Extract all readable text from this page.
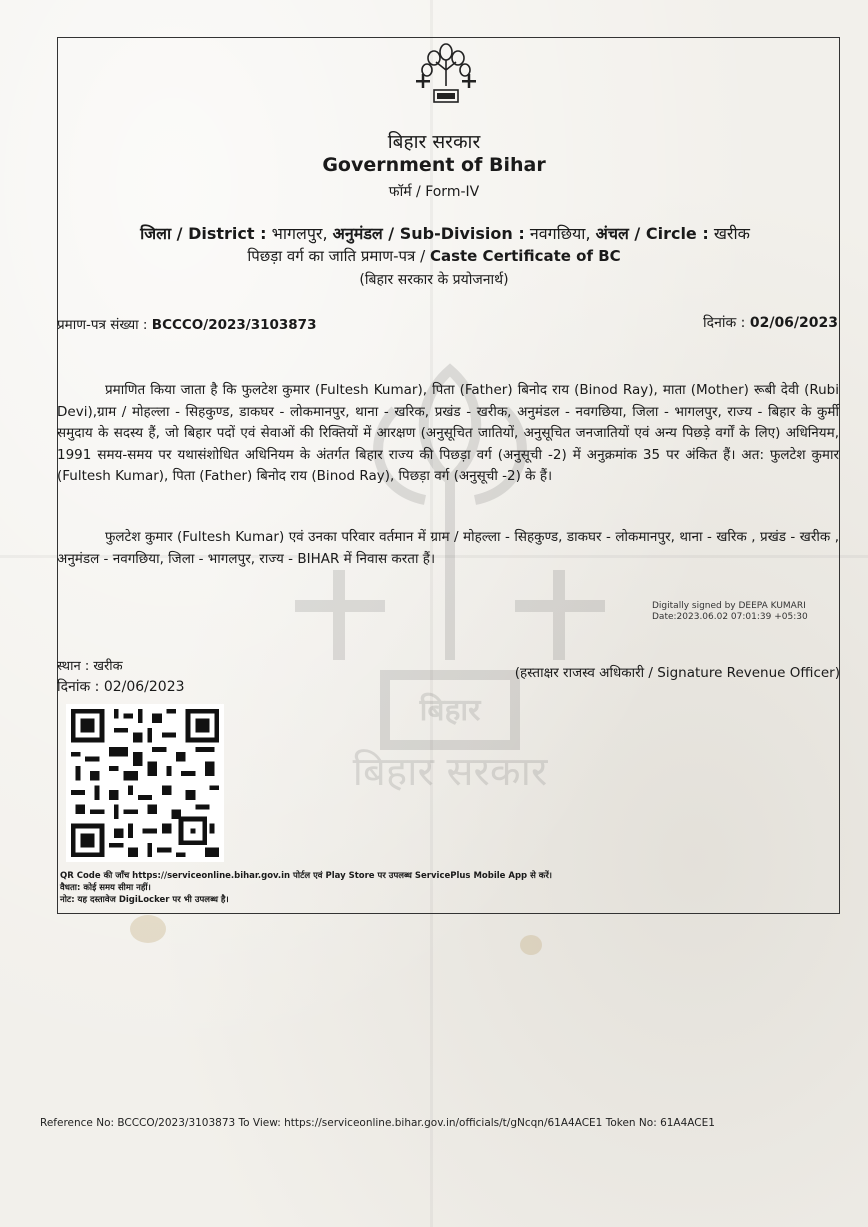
बिहार
बिहार सरकार
बिहार सरकार
Government of Bihar
फॉर्म / Form-IV
जिला / District : भागलपुर, अनुमंडल / Sub-Division : नवगछिया, अंचल / Circle : खरीक
पिछड़ा वर्ग का जाति प्रमाण-पत्र / Caste Certificate of BC
(बिहार सरकार के प्रयोजनार्थ)
प्रमाण-पत्र संख्या : BCCCO/2023/3103873	दिनांक : 02/06/2023
प्रमाणित किया जाता है कि फुलटेश कुमार (Fultesh Kumar), पिता (Father) बिनोद राय (Binod Ray), माता (Mother) रूबी देवी (Rubi Devi),ग्राम / मोहल्ला - सिहकुण्ड, डाकघर - लोकमानपुर, थाना - खरिक, प्रखंड - खरीक, अनुमंडल - नवगछिया, जिला - भागलपुर, राज्य - बिहार के कुर्मी समुदाय के सदस्य हैं, जो बिहार पदों एवं सेवाओं की रिक्तियों में आरक्षण (अनुसूचित जातियों, अनुसूचित जनजातियों एवं अन्य पिछड़े वर्गों के लिए) अधिनियम, 1991 समय-समय पर यथासंशोधित अधिनियम के अंतर्गत बिहार राज्य की पिछड़ा वर्ग (अनुसूची -2) में अनुक्रमांक 35 पर अंकित हैं। अत: फुलटेश कुमार (Fultesh Kumar), पिता (Father) बिनोद राय (Binod Ray), पिछड़ा वर्ग (अनुसूची -2) के हैं।
फुलटेश कुमार (Fultesh Kumar) एवं उनका परिवार वर्तमान में ग्राम / मोहल्ला - सिहकुण्ड, डाकघर - लोकमानपुर, थाना - खरिक , प्रखंड - खरीक , अनुमंडल - नवगछिया, जिला - भागलपुर, राज्य - BIHAR में निवास करता हैं।
Digitally signed by DEEPA KUMARI
Date:2023.06.02 07:01:39 +05:30
स्थान : खरीक
दिनांक : 02/06/2023
(हस्ताक्षर राजस्व अधिकारी / Signature Revenue Officer)
QR Code की जाँच https://serviceonline.bihar.gov.in पोर्टल एवं Play Store पर उपलब्ध ServicePlus Mobile App से करें।
वैधता: कोई समय सीमा नहीं।
नोट: यह दस्तावेज DigiLocker पर भी उपलब्ध है।
Reference No: BCCCO/2023/3103873 To View: https://serviceonline.bihar.gov.in/officials/t/gNcqn/61A4ACE1 Token No: 61A4ACE1
